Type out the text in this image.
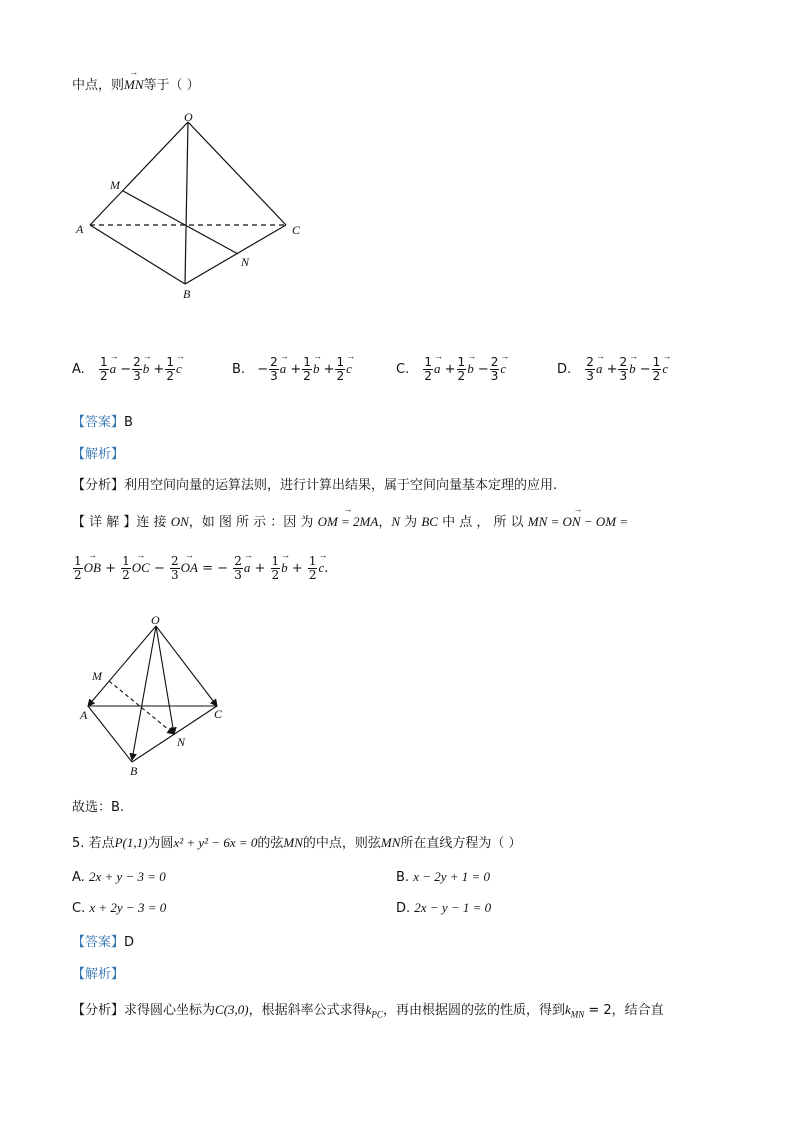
中点，则→ MN等于（ ）
O
M
A	C
N
B
A. $\frac{1}{2}$
→ $a - \frac{2}{3}$
→ $b + \frac{1}{2}$
→ c	B. − $\frac{2}{3}$
→ $a + \frac{1}{2}$
→ $b + \frac{1}{2}$
→ c	C. $\frac{1}{2}$
→ $a + \frac{1}{2}$
→ $b - \frac{2}{3}$
→ c	D. $\frac{2}{3}$
→ $a + \frac{2}{3}$
→ $b - \frac{1}{2}$
→ c
【答案】B
【解析】
【分析】利用空间向量的运算法则，进行计算出结果，属于空间向量基本定理的应用.
【 详 解 】连 接 ON，如 图 所 示 ：因 为 → OM = 2MA，N 为 BC 中 点 ， 所 以 → MN = ON − OM =
$\frac{1}{2}$
→ OB + $\frac{1}{2}$
→ OC − $\frac{2}{3}$
→ OA = − $\frac{2}{3}$
→ $a + \frac{1}{2}$
→ $b + \frac{1}{2}$
→ c.
O
M
A	C
N
B
故选：B.
5. 若点P(1,1)为圆x² + y² − 6x = 0的弦MN的中点，则弦MN所在直线方程为（ ）
A. 2x + y − 3 = 0	B. x − 2y + 1 = 0
C. x + 2y − 3 = 0	D. 2x − y − 1 = 0
【答案】D
【解析】
【分析】求得圆心坐标为C(3,0)，根据斜率公式求得$k_{PC}$，再由根据圆的弦的性质，得到$k_{MN} = 2$，结合直
